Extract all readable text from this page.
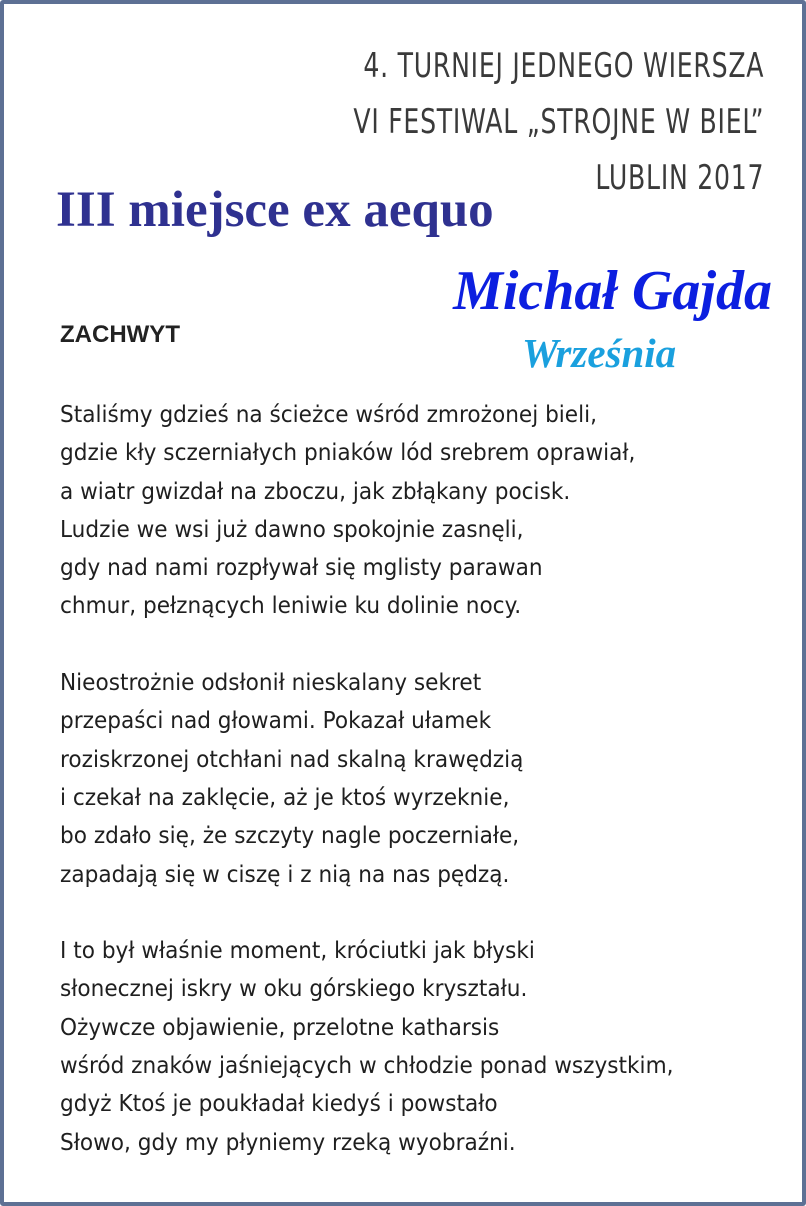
4. TURNIEJ JEDNEGO WIERSZA
VI FESTIWAL „STROJNE W BIEL”
LUBLIN 2017
III miejsce ex aequo
Michał Gajda
ZACHWYT	Września
Staliśmy gdzieś na ścieżce wśród zmrożonej bieli,
gdzie kły sczerniałych pniaków lód srebrem oprawiał,
a wiatr gwizdał na zboczu, jak zbłąkany pocisk.
Ludzie we wsi już dawno spokojnie zasnęli,
gdy nad nami rozpływał się mglisty parawan
chmur, pełznących leniwie ku dolinie nocy.
Nieostrożnie odsłonił nieskalany sekret
przepaści nad głowami. Pokazał ułamek
roziskrzonej otchłani nad skalną krawędzią
i czekał na zaklęcie, aż je ktoś wyrzeknie,
bo zdało się, że szczyty nagle poczerniałe,
zapadają się w ciszę i z nią na nas pędzą.
I to był właśnie moment, króciutki jak błyski
słonecznej iskry w oku górskiego kryształu.
Ożywcze objawienie, przelotne katharsis
wśród znaków jaśniejących w chłodzie ponad wszystkim,
gdyż Ktoś je poukładał kiedyś i powstało
Słowo, gdy my płyniemy rzeką wyobraźni.
